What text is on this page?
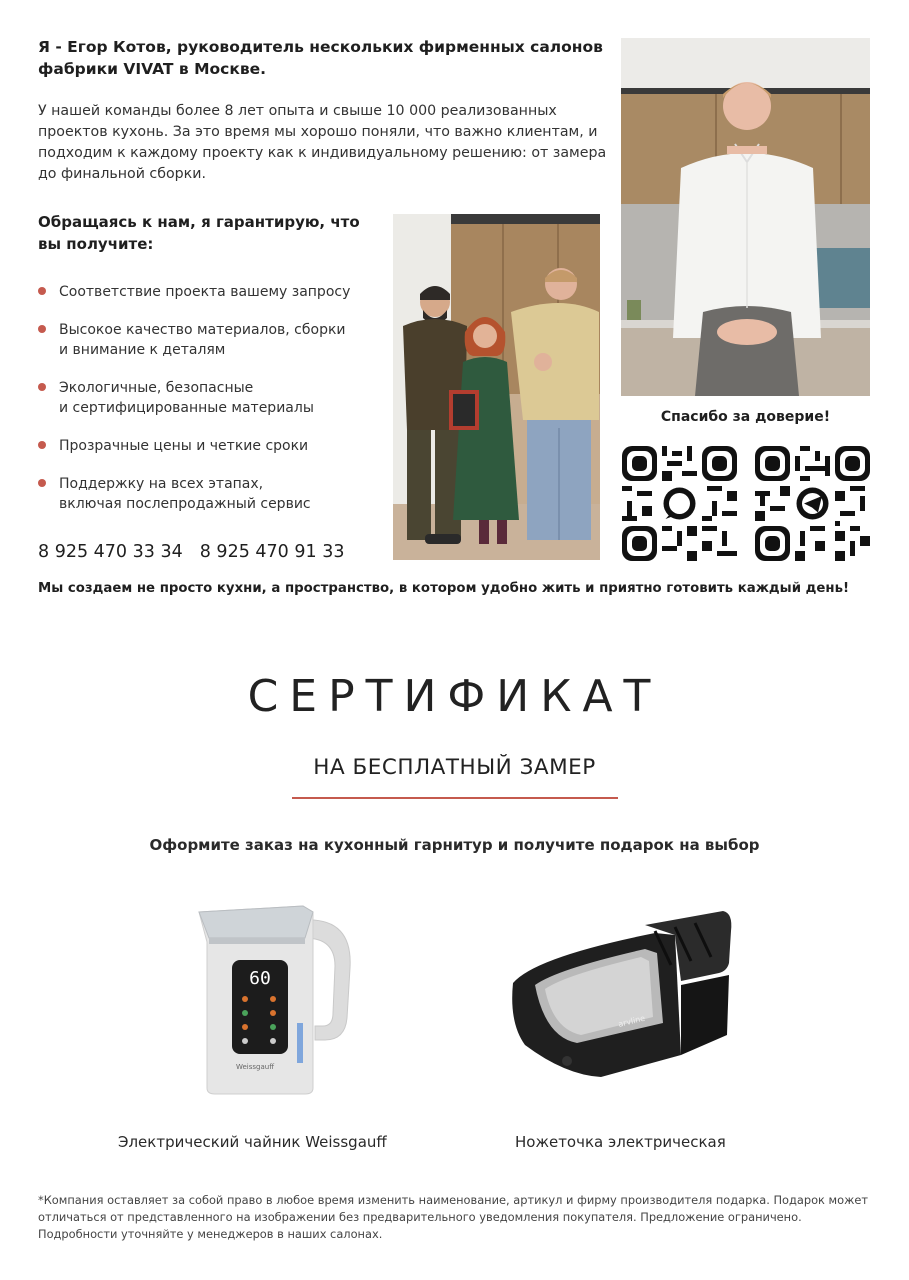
Я - Егор Котов, руководитель нескольких фирменных салонов фабрики VIVAT в Москве.
У нашей команды более 8 лет опыта и свыше 10 000 реализованных проектов кухонь. За это время мы хорошо поняли, что важно клиентам, и подходим к каждому проекту как к индивидуальному решению: от замера до финальной сборки.
Обращаясь к нам, я гарантирую, что вы получите:
Соответствие проекта вашему запросу
Высокое качество материалов, сборки
и внимание к деталям
Экологичные, безопасные
и сертифицированные материалы
Прозрачные цены и четкие сроки
Поддержку на всех этапах,
включая послепродажный сервис
8 925 470 33 34 8 925 470 91 33
Мы создаем не просто кухни, а пространство, в котором удобно жить и приятно готовить каждый день!
Спасибо за доверие!
СЕРТИФИКАТ
НА БЕСПЛАТНЫЙ ЗАМЕР
Оформите заказ на кухонный гарнитур и получите подарок на выбор
60
Weissgauff
arvline
Электрический чайник Weissgauff	Ножеточка электрическая
*Компания оставляет за собой право в любое время изменить наименование, артикул и фирму производителя подарка. Подарок может отличаться от представленного на изображении без предварительного уведомления покупателя. Предложение ограничено. Подробности уточняйте у менеджеров в наших салонах.
